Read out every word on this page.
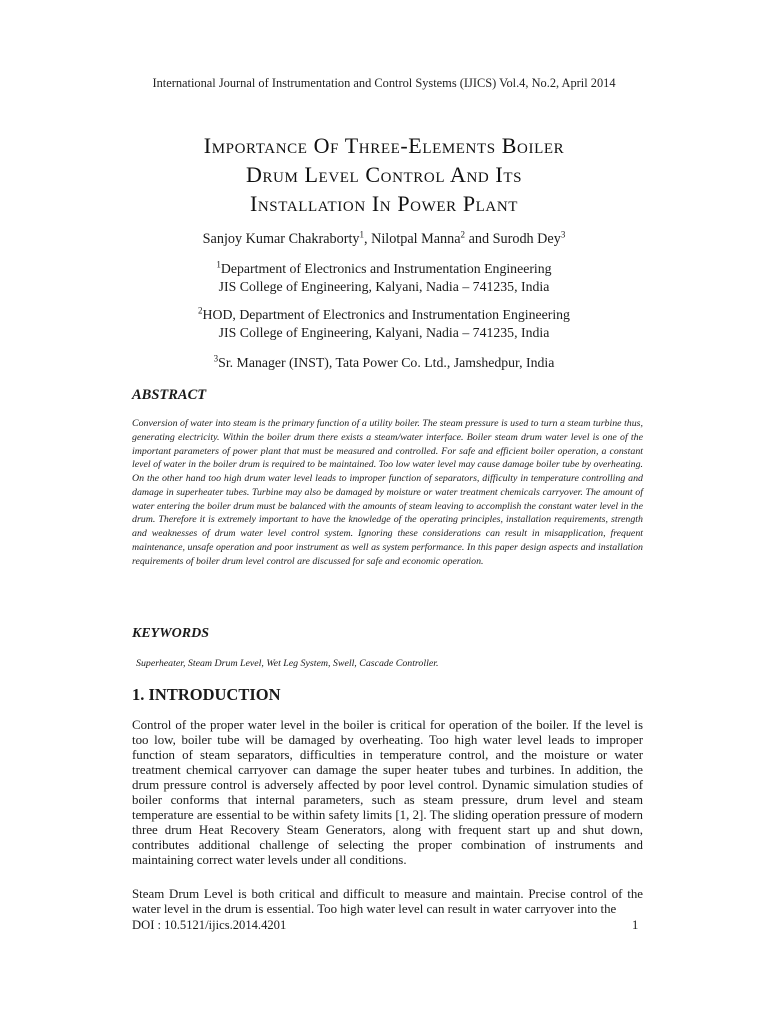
International Journal of Instrumentation and Control Systems (IJICS) Vol.4, No.2, April 2014
Importance Of Three-Elements Boiler
Drum Level Control And Its
Installation In Power Plant
Sanjoy Kumar Chakraborty$^1$, Nilotpal Manna$^2$ and Surodh Dey$^3$
$^1$Department of Electronics and Instrumentation Engineering
JIS College of Engineering, Kalyani, Nadia – 741235, India
$^2$HOD, Department of Electronics and Instrumentation Engineering
JIS College of Engineering, Kalyani, Nadia – 741235, India
$^3$Sr. Manager (INST), Tata Power Co. Ltd., Jamshedpur, India
ABSTRACT

Conversion of water into steam is the primary function of a utility boiler. The steam pressure is used to turn a steam turbine thus, generating electricity. Within the boiler drum there exists a steam/water interface. Boiler steam drum water level is one of the important parameters of power plant that must be measured and controlled. For safe and efficient boiler operation, a constant level of water in the boiler drum is required to be maintained. Too low water level may cause damage boiler tube by overheating. On the other hand too high drum water level leads to improper function of separators, difficulty in temperature controlling and damage in superheater tubes. Turbine may also be damaged by moisture or water treatment chemicals carryover. The amount of water entering the boiler drum must be balanced with the amounts of steam leaving to accomplish the constant water level in the drum. Therefore it is extremely important to have the knowledge of the operating principles, installation requirements, strength and weaknesses of drum water level control system. Ignoring these considerations can result in misapplication, frequent maintenance, unsafe operation and poor instrument as well as system performance. In this paper design aspects and installation requirements of boiler drum level control are discussed for safe and economic operation.

KEYWORDS

Superheater, Steam Drum Level, Wet Leg System, Swell, Cascade Controller.

1. INTRODUCTION

Control of the proper water level in the boiler is critical for operation of the boiler. If the level is too low, boiler tube will be damaged by overheating. Too high water level leads to improper function of steam separators, difficulties in temperature control, and the moisture or water treatment chemical carryover can damage the super heater tubes and turbines. In addition, the drum pressure control is adversely affected by poor level control. Dynamic simulation studies of boiler conforms that internal parameters, such as steam pressure, drum level and steam temperature are essential to be within safety limits [1, 2]. The sliding operation pressure of modern three drum Heat Recovery Steam Generators, along with frequent start up and shut down, contributes additional challenge of selecting the proper combination of instruments and maintaining correct water levels under all conditions.

Steam Drum Level is both critical and difficult to measure and maintain. Precise control of the water level in the drum is essential. Too high water level can result in water carryover into the

DOI : 10.5121/ijics.2014.4201	1
